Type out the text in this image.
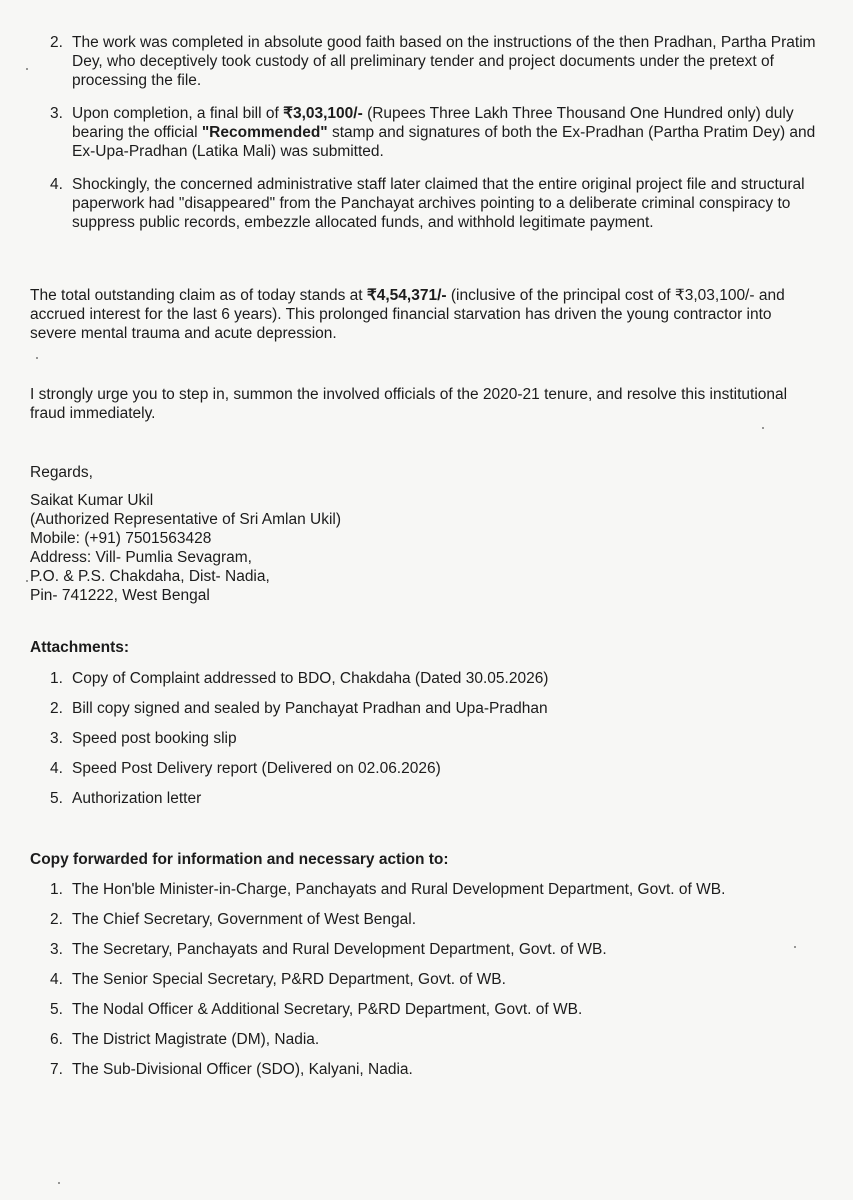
2. The work was completed in absolute good faith based on the instructions of the then Pradhan, Partha Pratim Dey, who deceptively took custody of all preliminary tender and project documents under the pretext of processing the file.
3. Upon completion, a final bill of ₹3,03,100/- (Rupees Three Lakh Three Thousand One Hundred only) duly bearing the official "Recommended" stamp and signatures of both the Ex-Pradhan (Partha Pratim Dey) and Ex-Upa-Pradhan (Latika Mali) was submitted.
4. Shockingly, the concerned administrative staff later claimed that the entire original project file and structural paperwork had "disappeared" from the Panchayat archives pointing to a deliberate criminal conspiracy to suppress public records, embezzle allocated funds, and withhold legitimate payment.
The total outstanding claim as of today stands at ₹4,54,371/- (inclusive of the principal cost of ₹3,03,100/- and accrued interest for the last 6 years). This prolonged financial starvation has driven the young contractor into severe mental trauma and acute depression.
I strongly urge you to step in, summon the involved officials of the 2020-21 tenure, and resolve this institutional fraud immediately.
Regards,
Saikat Kumar Ukil
(Authorized Representative of Sri Amlan Ukil)
Mobile: (+91) 7501563428
Address: Vill- Pumlia Sevagram,
P.O. & P.S. Chakdaha, Dist- Nadia,
Pin- 741222, West Bengal
Attachments:
1. Copy of Complaint addressed to BDO, Chakdaha (Dated 30.05.2026)
2. Bill copy signed and sealed by Panchayat Pradhan and Upa-Pradhan
3. Speed post booking slip
4. Speed Post Delivery report (Delivered on 02.06.2026)
5. Authorization letter
Copy forwarded for information and necessary action to:
1. The Hon'ble Minister-in-Charge, Panchayats and Rural Development Department, Govt. of WB.
2. The Chief Secretary, Government of West Bengal.
3. The Secretary, Panchayats and Rural Development Department, Govt. of WB.
4. The Senior Special Secretary, P&RD Department, Govt. of WB.
5. The Nodal Officer & Additional Secretary, P&RD Department, Govt. of WB.
6. The District Magistrate (DM), Nadia.
7. The Sub-Divisional Officer (SDO), Kalyani, Nadia.
